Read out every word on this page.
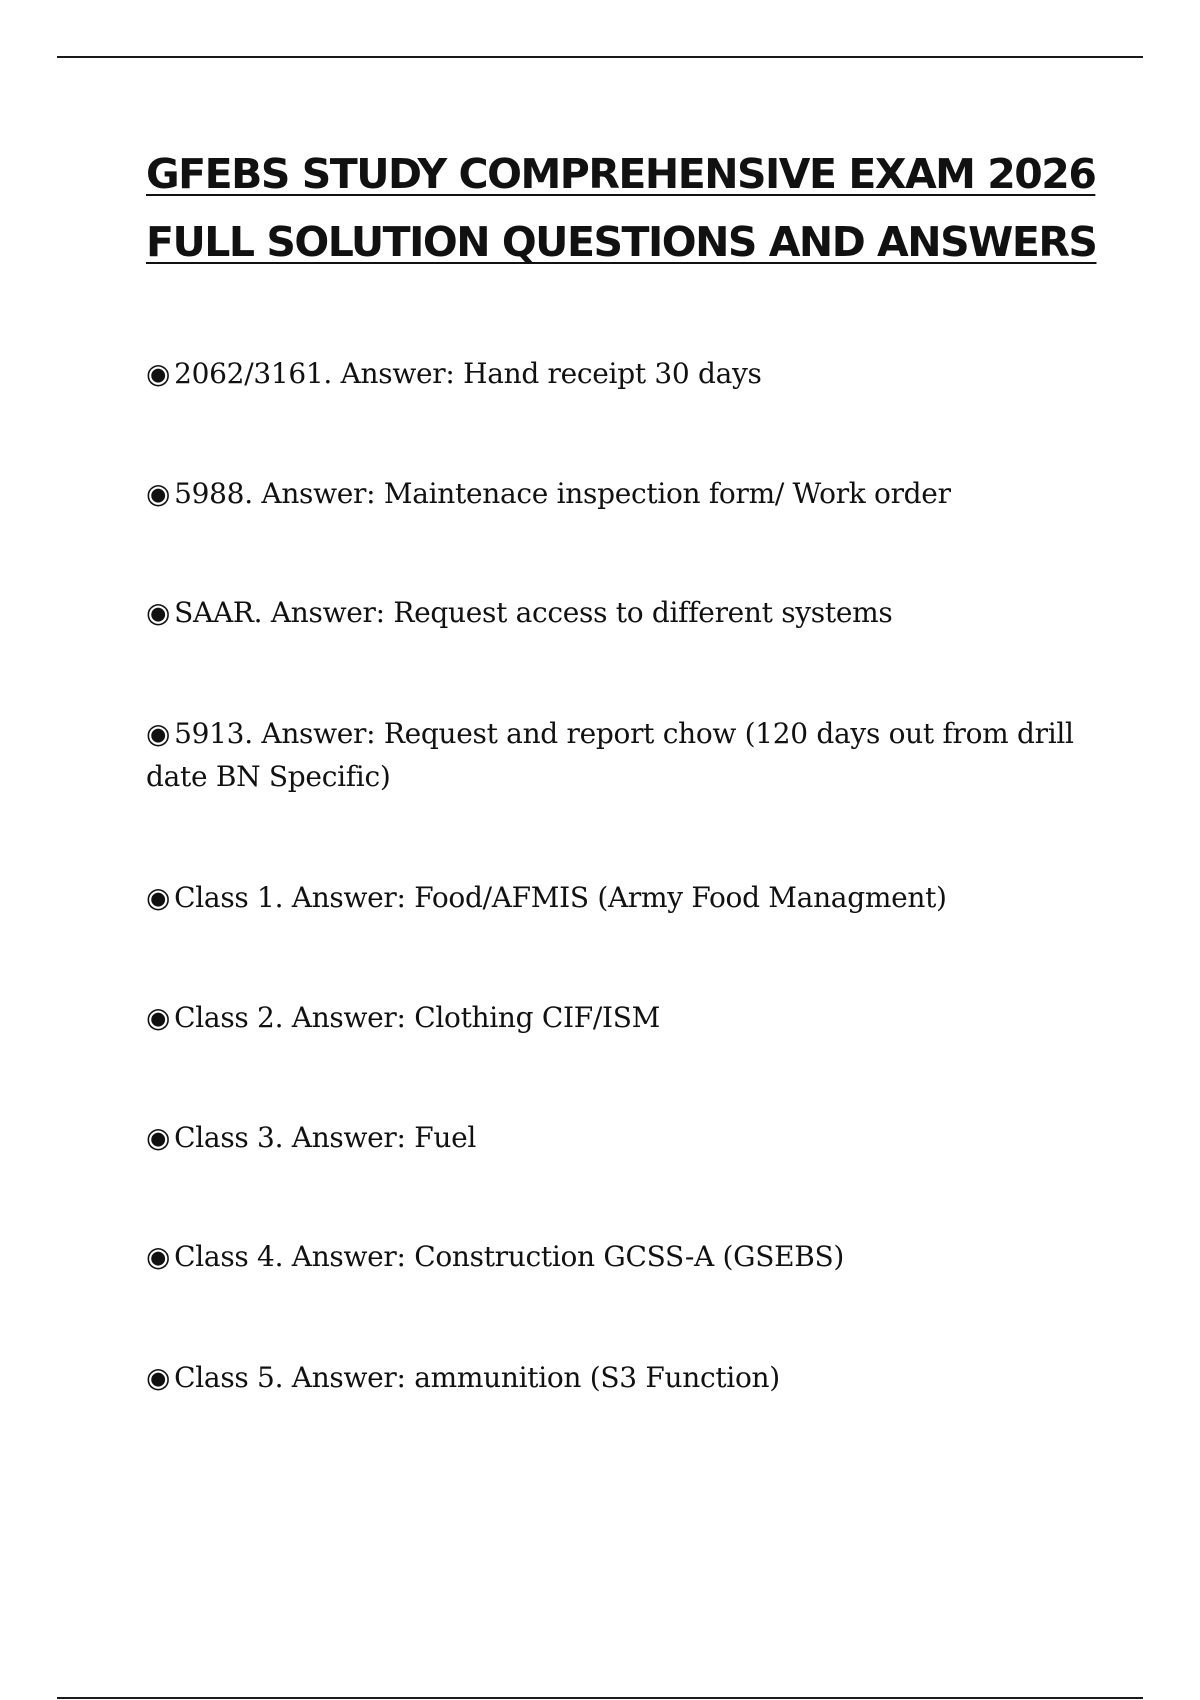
GFEBS STUDY COMPREHENSIVE EXAM 2026
FULL SOLUTION QUESTIONS AND ANSWERS
◉ 2062/3161. Answer: Hand receipt 30 days
◉ 5988. Answer: Maintenace inspection form/ Work order
◉ SAAR. Answer: Request access to different systems
◉ 5913. Answer: Request and report chow (120 days out from drill date BN Specific)
◉ Class 1. Answer: Food/AFMIS (Army Food Managment)
◉ Class 2. Answer: Clothing CIF/ISM
◉ Class 3. Answer: Fuel
◉ Class 4. Answer: Construction GCSS-A (GSEBS)
◉ Class 5. Answer: ammunition (S3 Function)
